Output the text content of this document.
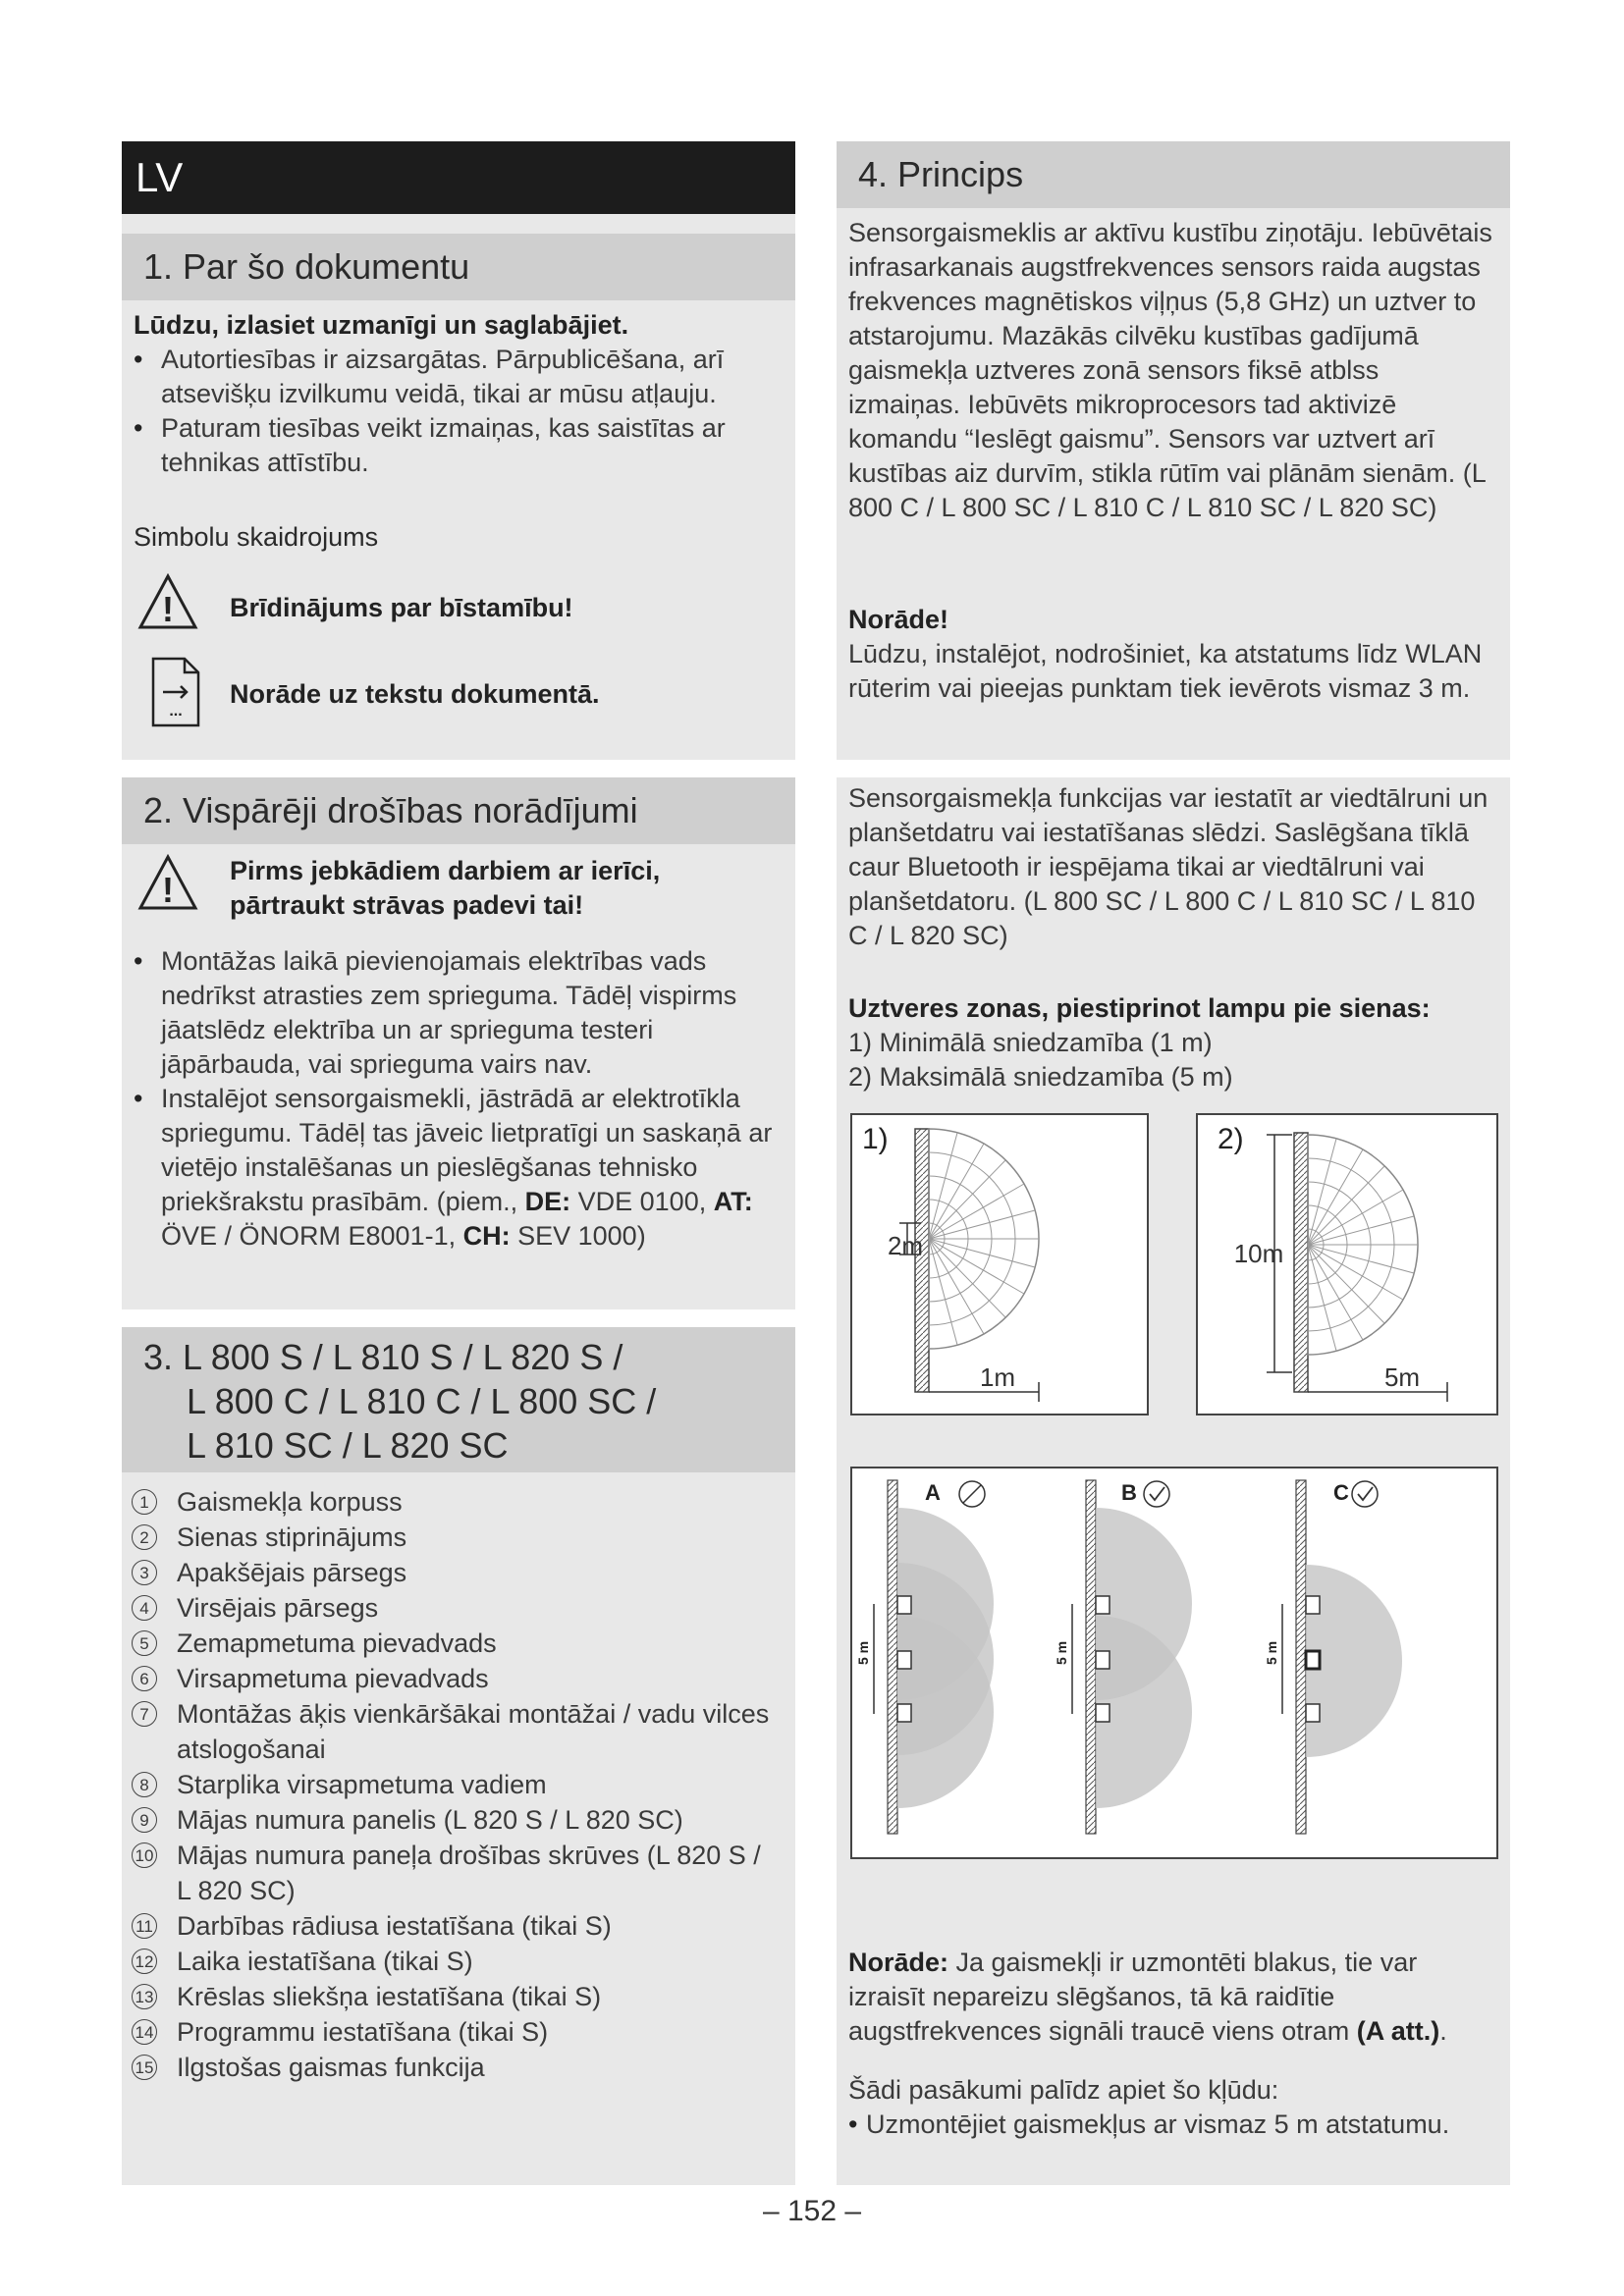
1. Par šo dokumentu
Lūdzu, izlasiet uzmanīgi un saglabājiet.
• Autortiesības ir aizsargātas. Pārpublicēšana, arī atsevišķu izvilkumu veidā, tikai ar mūsu atļauju.
• Paturam tiesības veikt izmaiņas, kas saistītas ar tehnikas attīstību.
Simbolu skaidrojums
! Brīdinājums par bīstamību!
...
Norāde uz tekstu dokumentā.
2. Vispārēji drošības norādījumi
! Pirms jebkādiem darbiem ar ierīci, pārtraukt strāvas padevi tai!
• Montāžas laikā pievienojamais elektrības vads nedrīkst atrasties zem sprieguma. Tādēļ vispirms jāatslēdz elektrība un ar sprieguma testeri jāpārbauda, vai sprieguma vairs nav.
• Instalējot sensorgaismekli, jāstrādā ar elektrotīkla spriegumu. Tādēļ tas jāveic lietpratīgi un saskaņā ar vietējo instalēšanas un pieslēgšanas tehnisko priekšrakstu prasībām. (piem., DE: VDE 0100, AT: ÖVE / ÖNORM E8001-1, CH: SEV 1000)
3. L 800 S / L 810 S / L 820 S /
L 800 C / L 810 C / L 800 SC /
L 810 SC / L 820 SC
1	Gaismekļa korpuss
2	Sienas stiprinājums
3	Apakšējais pārsegs
4	Virsējais pārsegs
5	Zemapmetuma pievadvads
6	Virsapmetuma pievadvads
7	Montāžas āķis vienkāršākai montāžai / vadu vilces atslogošanai
8	Starplika virsapmetuma vadiem
9	Mājas numura panelis (L 820 S / L 820 SC)
10 Mājas numura paneļa drošības skrūves (L 820 S / L 820 SC)
11 Darbības rādiusa iestatīšana (tikai S)
12 Laika iestatīšana (tikai S)
13 Krēslas sliekšņa iestatīšana (tikai S)
14 Programmu iestatīšana (tikai S)
15 Ilgstošas gaismas funkcija
LV	4. Princips
Sensorgaismeklis ar aktīvu kustību ziņotāju. Iebūvētais infrasarkanais augstfrekvences sensors raida augstas frekvences magnētiskos viļņus (5,8 GHz) un uztver to atstarojumu. Mazākās cilvēku kustības gadījumā gaismekļa uztveres zonā sensors fiksē atblss izmaiņas. Iebūvēts mikroprocesors tad aktivizē komandu “Ieslēgt gaismu”. Sensors var uztvert arī kustības aiz durvīm, stikla rūtīm vai plānām sienām. (L 800 C / L 800 SC / L 810 C / L 810 SC / L 820 SC)
Norāde!
Lūdzu, instalējot, nodrošiniet, ka atstatums līdz WLAN rūterim vai pieejas punktam tiek ievērots vismaz 3 m.
Sensorgaismekļa funkcijas var iestatīt ar viedtālruni un planšetdatru vai iestatīšanas slēdzi. Saslēgšana tīklā caur Bluetooth ir iespējama tikai ar viedtālruni vai planšetdatoru. (L 800 SC / L 800 C / L 810 SC / L 810 C / L 820 SC)
Uztveres zonas, piestiprinot lampu pie sienas:
1) Minimālā sniedzamība (1 m)
2) Maksimālā sniedzamība (5 m)
1)
2m
1m
2)
10m
5m
5 m
A
5 m
B
5 m
C
Norāde: Ja gaismekļi ir uzmontēti blakus, tie var izraisīt nepareizu slēgšanos, tā kā raidītie augstfrekvences signāli traucē viens otram (A att.).
Šādi pasākumi palīdz apiet šo kļūdu:
• Uzmontējiet gaismekļus ar vismaz 5 m atstatumu.
– 152 –
